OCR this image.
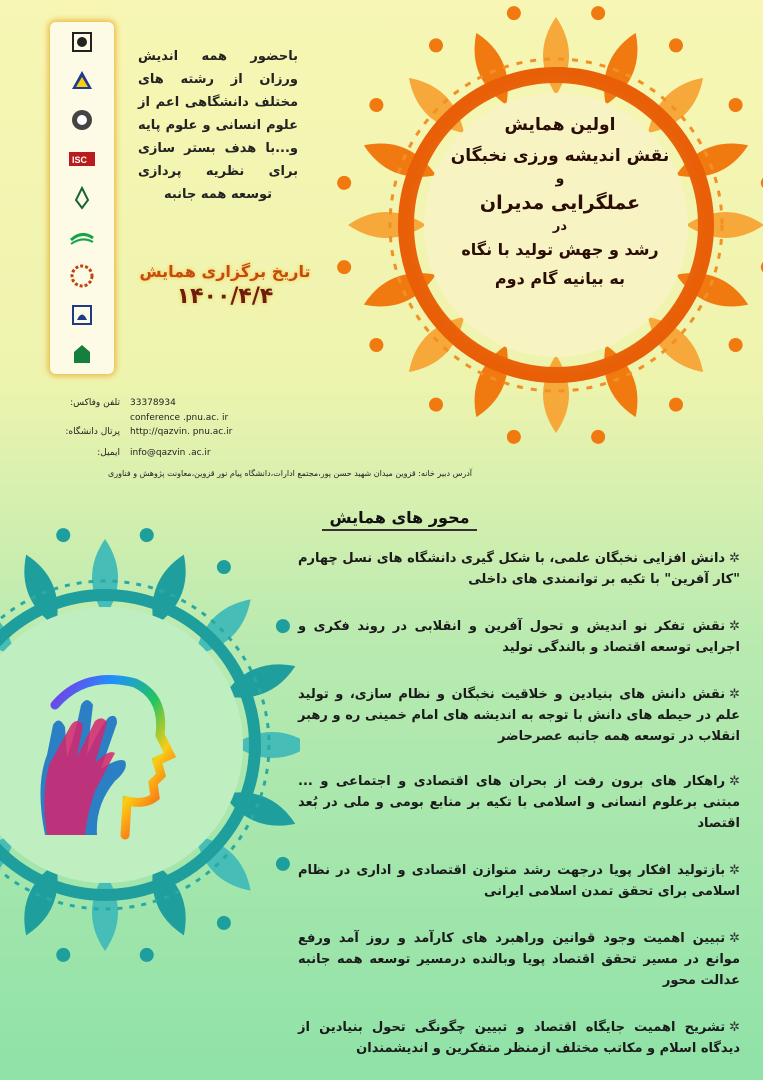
ISC
باحضور همه اندیش ورزان از رشته های مختلف دانشگاهی اعم از علوم انسانی و علوم پایه و...با هدف بستر سازی برای نظریه پردازی توسعه همه جانبه
تاریخ برگزاری همایش
۱۴۰۰/۴/۴
اولین همایش
نقش اندیشه ورزی نخبگان
و
عملگرایی مدیران
در
رشد و جهش تولید با نگاه
به بیانیه گام دوم
تلفن وفاکس: 33378934
conference .pnu.ac. ir
پرتال دانشگاه: http://qazvin. pnu.ac.ir
ایمیل: info@qazvin .ac.ir
آدرس دبیر خانه: قزوین میدان شهید حسن پور،مجتمع ادارات،دانشگاه پیام نور قزوین،معاونت پژوهش و فناوری
محور های همایش
✲دانش افزایی نخبگان علمی، با شکل گیری دانشگاه های نسل چهارم "کار آفرین" با تکیه بر توانمندی های داخلی
✲نقش تفکر نو اندیش و تحول آفرین و انقلابی در روند فکری و اجرایی توسعه اقتصاد و بالندگی تولید
✲نقش دانش های بنیادین و خلاقیت نخبگان و نظام سازی، و تولید علم در حیطه های دانش با توجه به اندیشه های امام خمینی ره و رهبر انقلاب در توسعه همه جانبه عصرحاضر
✲راهکار های برون رفت از بحران های اقتصادی و اجتماعی و ... مبتنی برعلوم انسانی و اسلامی با تکیه بر منابع بومی و ملی در بُعد اقتصاد
✲بازتولید افکار پویا درجهت رشد متوازن اقتصادی و اداری در نظام اسلامی برای تحقق تمدن اسلامی ایرانی
✲تبیین اهمیت وجود قوانین وراهبرد های کارآمد و روز آمد ورفع موانع در مسیر تحقق اقتصاد پویا وبالنده درمسیر توسعه همه جانبه عدالت محور
✲تشریح اهمیت جایگاه اقتصاد و تبیین چگونگی تحول بنیادین از دیدگاه اسلام و مکاتب مختلف ازمنظر متفکرین و اندیشمندان
